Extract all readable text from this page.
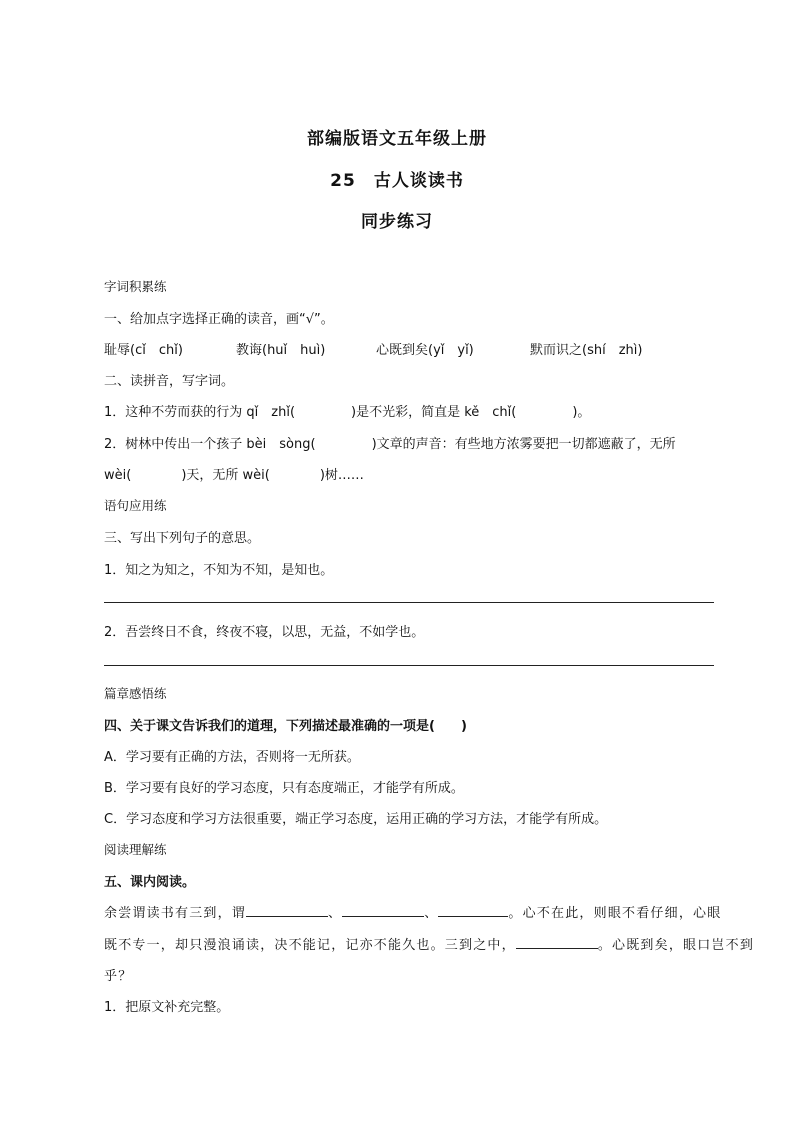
部编版语文五年级上册
25　古人谈读书
同步练习
字词积累练
一、给加点字选择正确的读音，画“√”。
耻辱(cǐ　chǐ)	教诲(huǐ　huì)	心既到矣(yǐ　yǐ)	默而识之(shí　zhì)
二、读拼音，写字词。
1．这种不劳而获的行为 qǐ　zhǐ(	)是不光彩，简直是 kě　chǐ(	)。
2．树林中传出一个孩子 bèi　sòng(	)文章的声音：有些地方浓雾要把一切都遮蔽了，无所
wèi(	)天，无所 wèi(	)树……
语句应用练
三、写出下列句子的意思。
1．知之为知之，不知为不知，是知也。
2．吾尝终日不食，终夜不寝，以思，无益，不如学也。
篇章感悟练
四、关于课文告诉我们的道理，下列描述最准确的一项是(　　)
A．学习要有正确的方法，否则将一无所获。
B．学习要有良好的学习态度，只有态度端正，才能学有所成。
C．学习态度和学习方法很重要，端正学习态度，运用正确的学习方法，才能学有所成。
阅读理解练
五、课内阅读。
余尝谓读书有三到，谓	、	、	。心不在此，则眼不看仔细，心眼
既不专一，却只漫浪诵读，决不能记，记亦不能久也。三到之中，	。心既到矣，眼口岂不到
乎？
1．把原文补充完整。
